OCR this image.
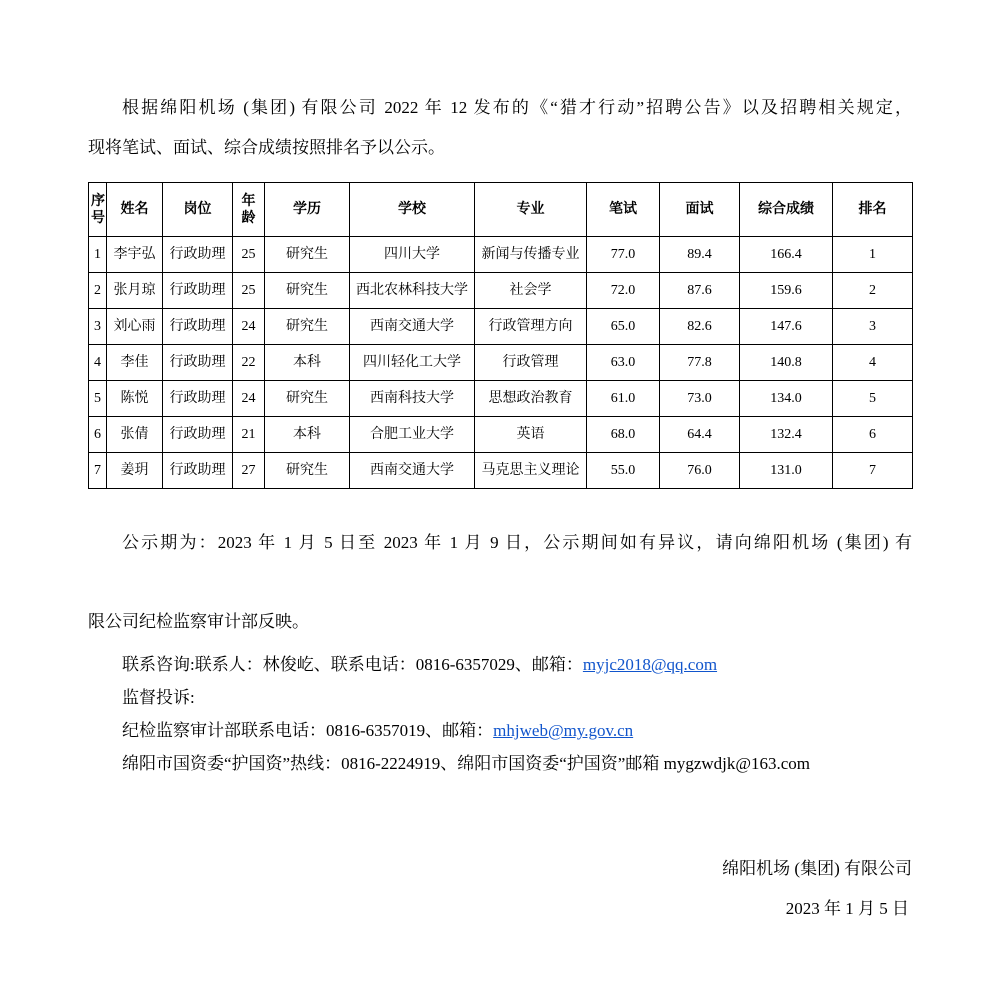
根据绵阳机场 (集团) 有限公司 2022 年 12 发布的《“猎才行动”招聘公告》以及招聘相关规定，
现将笔试、面试、综合成绩按照排名予以公示。
序号	姓名	岗位	年龄	学历	学校	专业	笔试	面试	综合成绩	排名
1	李宇弘	行政助理	25	研究生	四川大学	新闻与传播专业	77.0	89.4	166.4	1
2	张月琼	行政助理	25	研究生	西北农林科技大学	社会学	72.0	87.6	159.6	2
3	刘心雨	行政助理	24	研究生	西南交通大学	行政管理方向	65.0	82.6	147.6	3
4	李佳	行政助理	22	本科	四川轻化工大学	行政管理	63.0	77.8	140.8	4
5	陈悦	行政助理	24	研究生	西南科技大学	思想政治教育	61.0	73.0	134.0	5
6	张倩	行政助理	21	本科	合肥工业大学	英语	68.0	64.4	132.4	6
7	姜玥	行政助理	27	研究生	西南交通大学	马克思主义理论	55.0	76.0	131.0	7
公示期为：2023 年 1 月 5 日至 2023 年 1 月 9 日，公示期间如有异议，请向绵阳机场 (集团) 有
限公司纪检监察审计部反映。
联系咨询:联系人：林俊屹、联系电话：0816-6357029、邮箱：myjc2018@qq.com
监督投诉:
纪检监察审计部联系电话：0816-6357019、邮箱：mhjweb@my.gov.cn
绵阳市国资委“护国资”热线：0816-2224919、绵阳市国资委“护国资”邮箱 mygzwdjk@163.com
绵阳机场 (集团) 有限公司
2023 年 1 月 5 日
